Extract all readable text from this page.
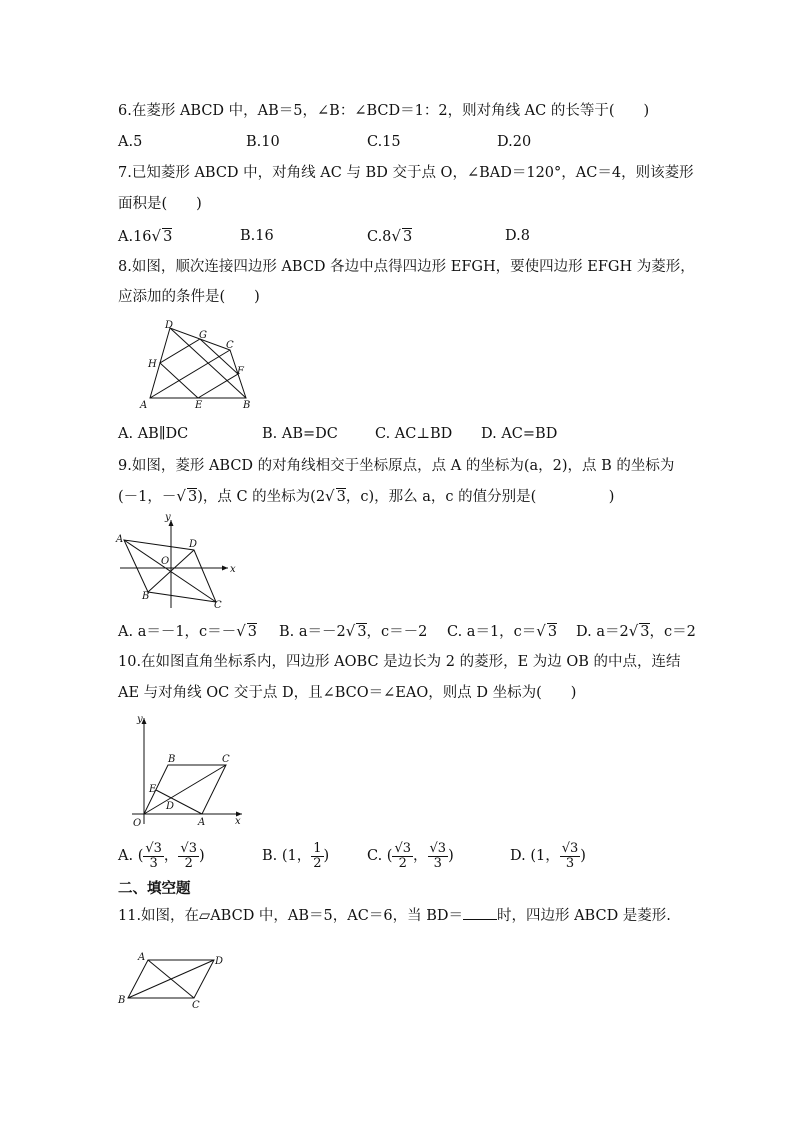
6.在菱形 ABCD 中，AB＝5，∠B：∠BCD＝1：2，则对角线 AC 的长等于(　　)
A.5	B.10	C.15	D.20
7.已知菱形 ABCD 中，对角线 AC 与 BD 交于点 O，∠BAD＝120°，AC＝4，则该菱形
面积是(　　)
A.16√ 3	B.16	C.8√ 3	D.8
8.如图，顺次连接四边形 ABCD 各边中点得四边形 EFGH，要使四边形 EFGH 为菱形，
应添加的条件是(　　)
A	B
C
D
E
F
G
H
A. AB∥DC	B. AB=DC	C. AC⊥BD D. AC=BD
9.如图，菱形 ABCD 的对角线相交于坐标原点，点 A 的坐标为(a，2)，点 B 的坐标为
(－1，－√ 3)，点 C 的坐标为(2√ 3，c)，那么 a，c 的值分别是(　　　　　)
A
B
C
D
O
x
y
A. a＝－1，c＝－√ 3 B. a＝－2√ 3，c＝－2 C. a＝1，c＝√ 3 D. a＝2√ 3，c＝2
10.在如图直角坐标系内，四边形 AOBC 是边长为 2 的菱形，E 为边 OB 的中点，连结
AE 与对角线 OC 交于点 D，且∠BCO＝∠EAO，则点 D 坐标为(　　)
O	A
B	C
D
E
x
y
A. ( $\frac{√3}{3}$ ， $\frac{√3}{2}$ )	B. (1， $\frac{1}{2}$ )	C. ( $\frac{√3}{2}$ ， $\frac{√3}{3}$ )	D. (1， $\frac{√3}{3}$ )
二、填空题
11.如图，在▱ABCD 中，AB＝5，AC＝6，当 BD＝ 时，四边形 ABCD 是菱形.
A
B	C
D
